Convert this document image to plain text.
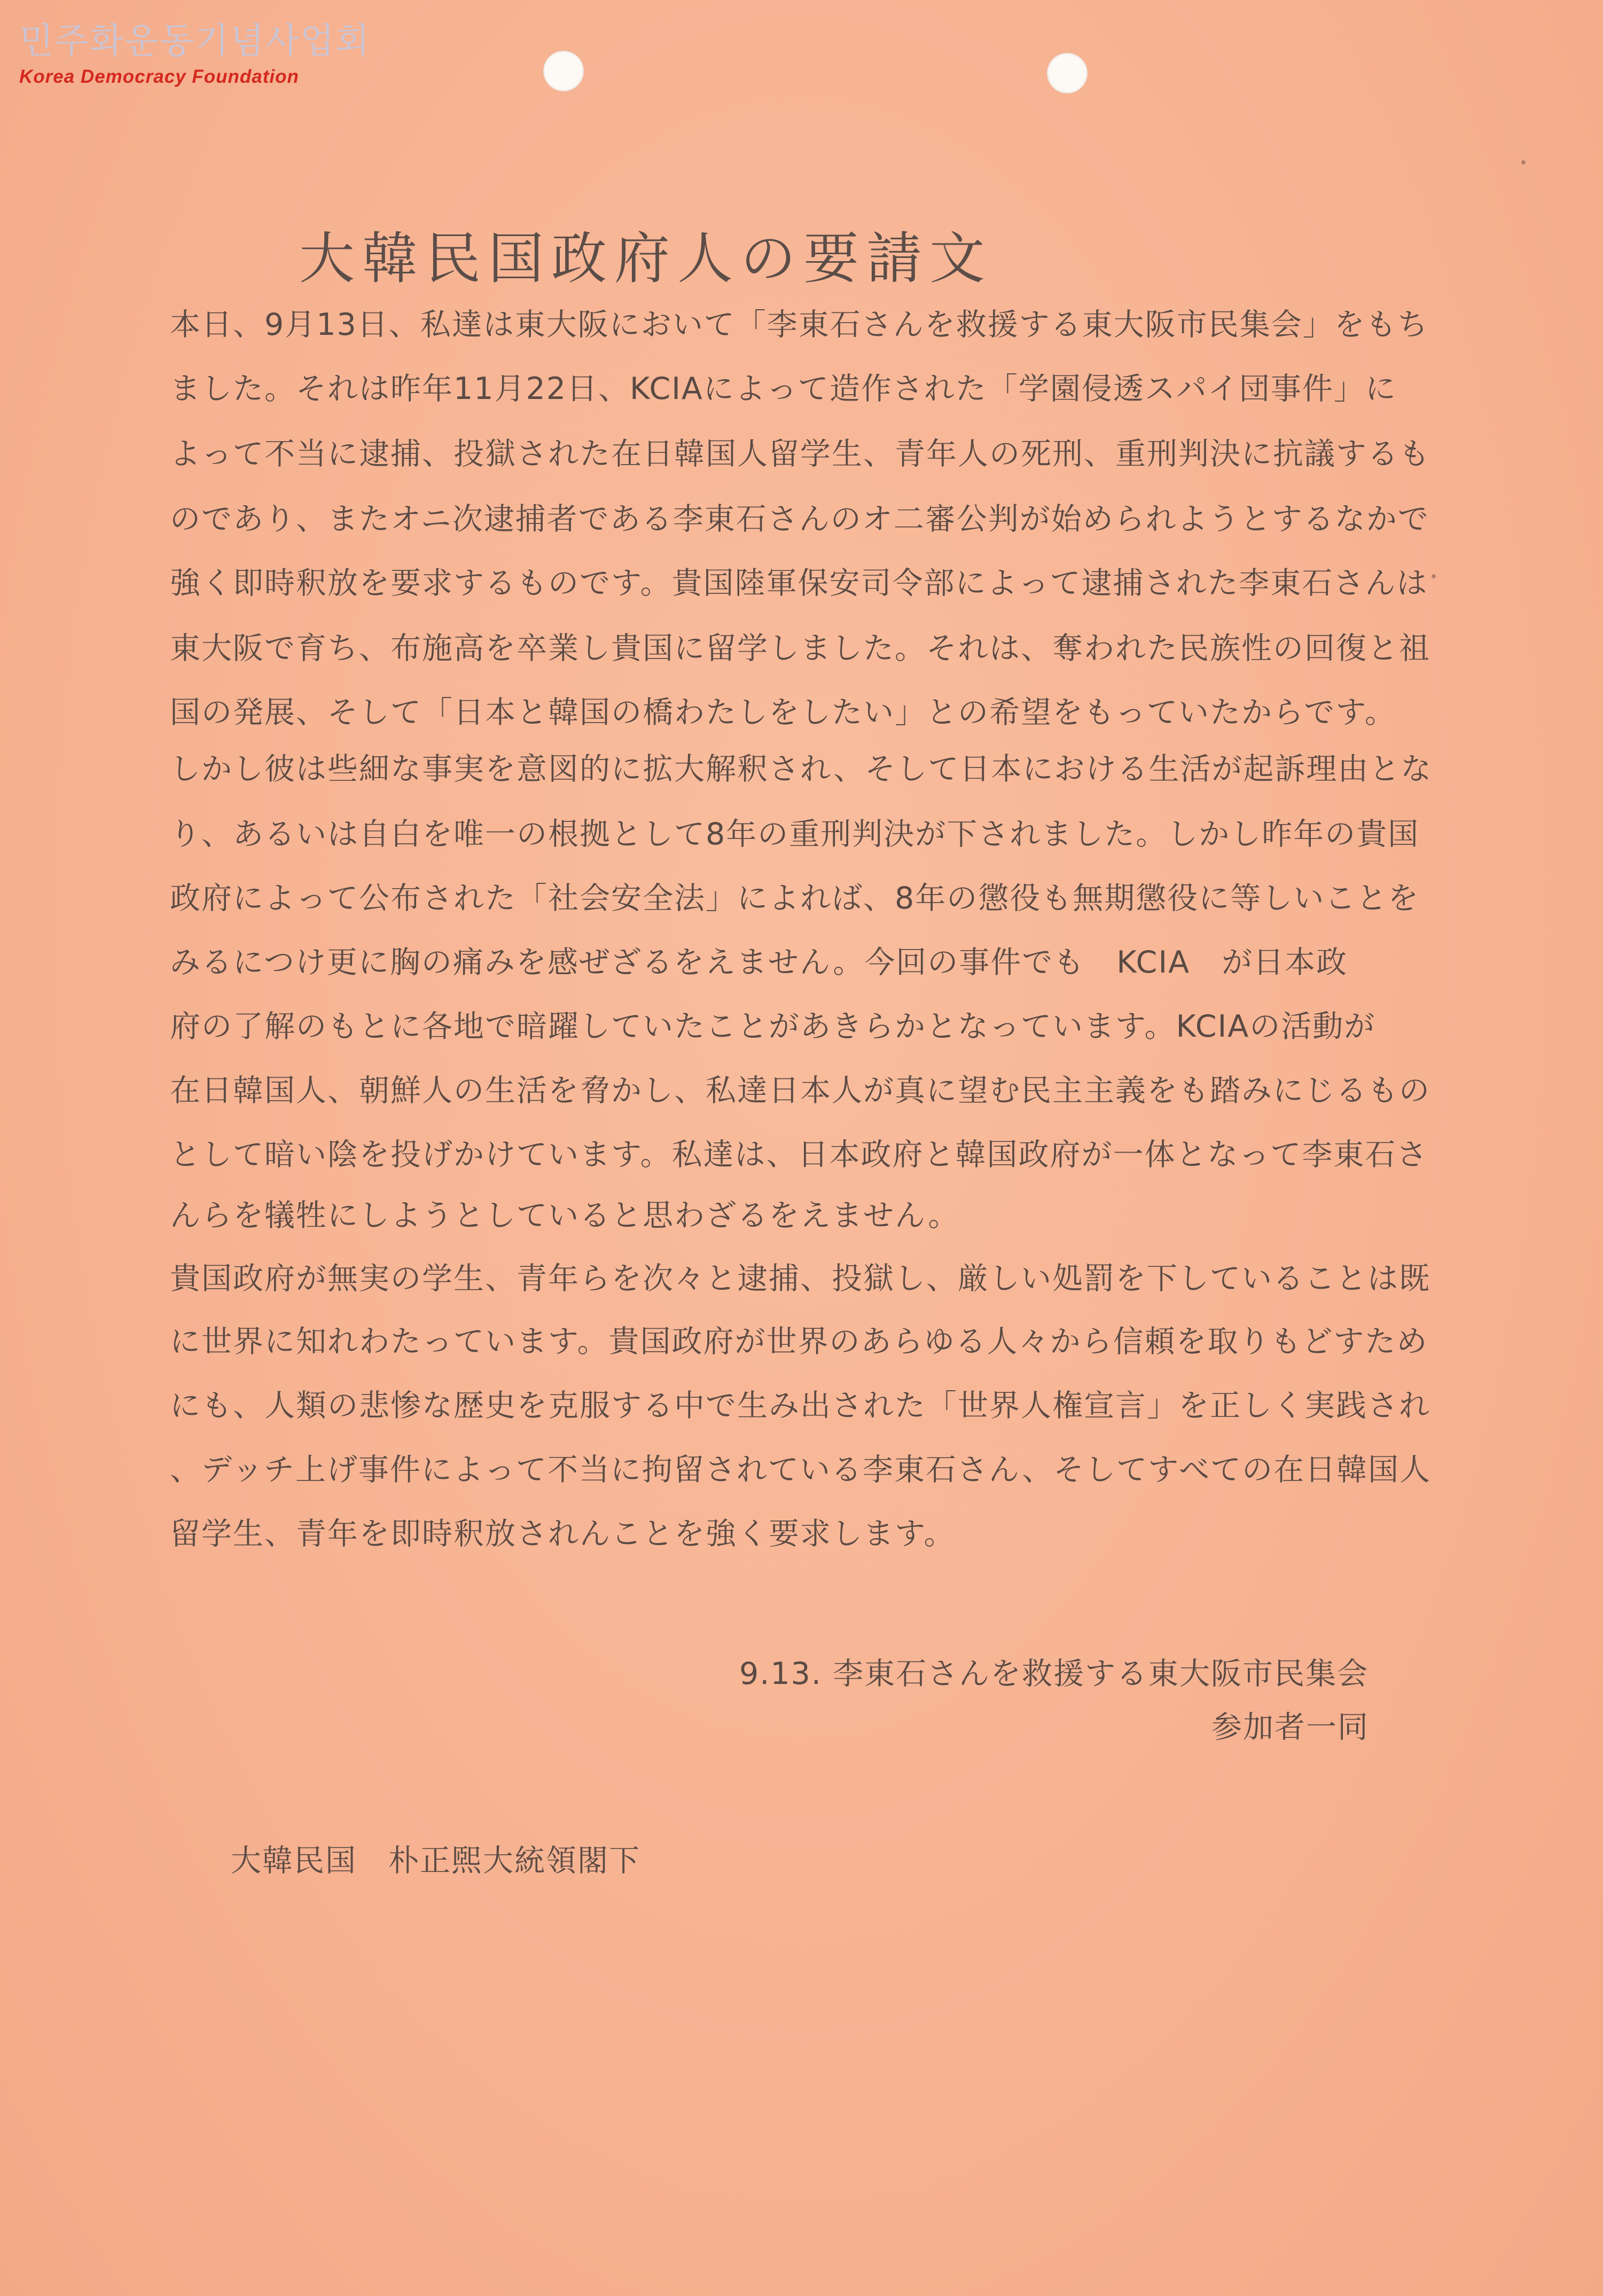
민주화운동기념사업회
Korea Democracy Foundation
大韓民国政府人の要請文
本日、9月13日、私達は東大阪において「李東石さんを救援する東大阪市民集会」をもち
ました。それは昨年11月22日、KCIAによって造作された「学園侵透スパイ団事件」に
よって不当に逮捕、投獄された在日韓国人留学生、青年人の死刑、重刑判決に抗議するも
のであり、またオニ次逮捕者である李東石さんのオ二審公判が始められようとするなかで
強く即時釈放を要求するものです。貴国陸軍保安司令部によって逮捕された李東石さんは
東大阪で育ち、布施高を卒業し貴国に留学しました。それは、奪われた民族性の回復と祖
国の発展、そして「日本と韓国の橋わたしをしたい」との希望をもっていたからです。
しかし彼は些細な事実を意図的に拡大解釈され、そして日本における生活が起訴理由とな
り、あるいは自白を唯一の根拠として8年の重刑判決が下されました。しかし昨年の貴国
政府によって公布された「社会安全法」によれば、8年の懲役も無期懲役に等しいことを
みるにつけ更に胸の痛みを感ぜざるをえません。今回の事件でも　KCIA　が日本政
府の了解のもとに各地で暗躍していたことがあきらかとなっています。KCIAの活動が
在日韓国人、朝鮮人の生活を脅かし、私達日本人が真に望む民主主義をも踏みにじるもの
として暗い陰を投げかけています。私達は、日本政府と韓国政府が一体となって李東石さ
んらを犠牲にしようとしていると思わざるをえません。
貴国政府が無実の学生、青年らを次々と逮捕、投獄し、厳しい処罰を下していることは既
に世界に知れわたっています。貴国政府が世界のあらゆる人々から信頼を取りもどすため
にも、人類の悲惨な歴史を克服する中で生み出された「世界人権宣言」を正しく実践され
、デッチ上げ事件によって不当に拘留されている李東石さん、そしてすべての在日韓国人
留学生、青年を即時釈放されんことを強く要求します。
9.13. 李東石さんを救援する東大阪市民集会
参加者一同
大韓民国　朴正煕大統領閣下
